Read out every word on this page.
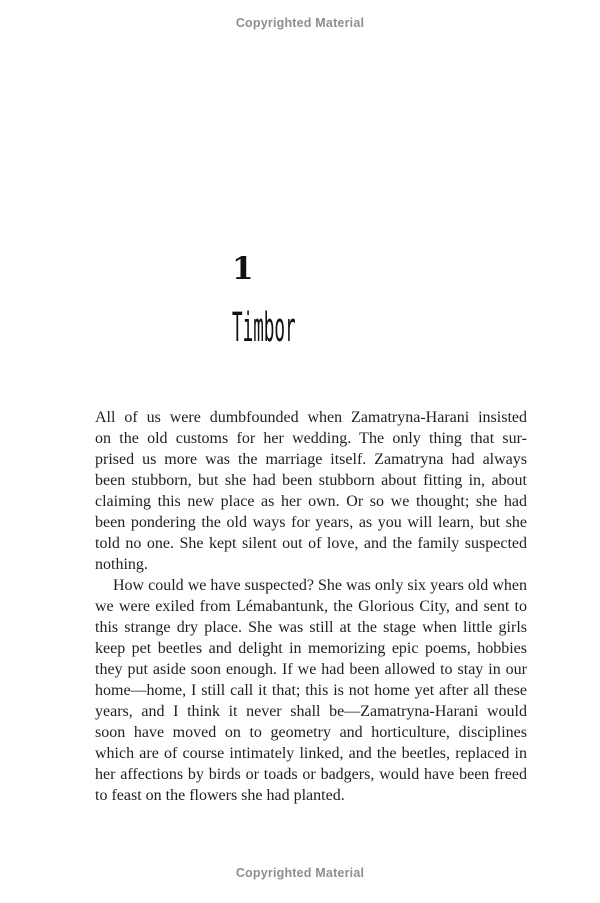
Copyrighted Material
1
Timbor
All of us were dumbfounded when Zamatryna-Harani insisted
on the old customs for her wedding. The only thing that sur-
prised us more was the marriage itself. Zamatryna had always
been stubborn, but she had been stubborn about fitting in, about
claiming this new place as her own. Or so we thought; she had
been pondering the old ways for years, as you will learn, but she
told no one. She kept silent out of love, and the family suspected
nothing.
How could we have suspected? She was only six years old when
we were exiled from Lémabantunk, the Glorious City, and sent to
this strange dry place. She was still at the stage when little girls
keep pet beetles and delight in memorizing epic poems, hobbies
they put aside soon enough. If we had been allowed to stay in our
home—home, I still call it that; this is not home yet after all these
years, and I think it never shall be—Zamatryna-Harani would
soon have moved on to geometry and horticulture, disciplines
which are of course intimately linked, and the beetles, replaced in
her affections by birds or toads or badgers, would have been freed
to feast on the flowers she had planted.
Copyrighted Material
